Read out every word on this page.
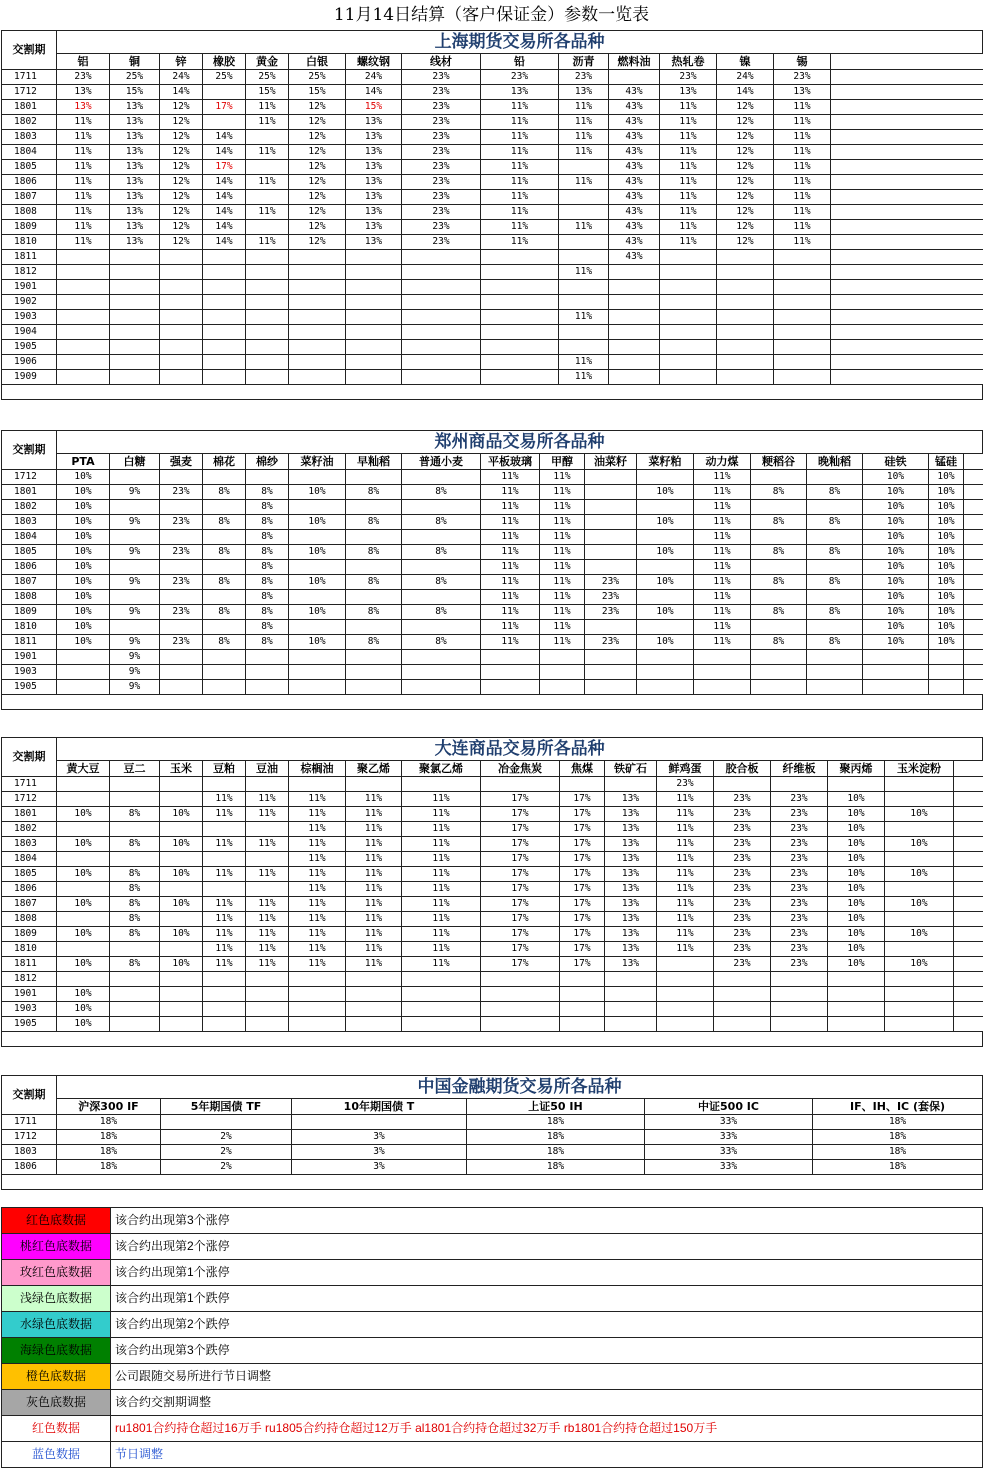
11月14日结算（客户保证金）参数一览表
交割期	上海期货交易所各品种														
	铝	铜	锌	橡胶	黄金	白银	螺纹钢	线材	铅	沥青	燃料油	热轧卷	镍	锡	
1711	23%	25%	24%	25%	25%	25%	24%	23%	23%	23%		23%	24%	23%	
1712	13%	15%	14%		15%	15%	14%	23%	13%	13%	43%	13%	14%	13%	
1801	13%	13%	12%	17%	11%	12%	15%	23%	11%	11%	43%	11%	12%	11%	
1802	11%	13%	12%		11%	12%	13%	23%	11%	11%	43%	11%	12%	11%	
1803	11%	13%	12%	14%		12%	13%	23%	11%	11%	43%	11%	12%	11%	
1804	11%	13%	12%	14%	11%	12%	13%	23%	11%	11%	43%	11%	12%	11%	
1805	11%	13%	12%	17%		12%	13%	23%	11%		43%	11%	12%	11%	
1806	11%	13%	12%	14%	11%	12%	13%	23%	11%	11%	43%	11%	12%	11%	
1807	11%	13%	12%	14%		12%	13%	23%	11%		43%	11%	12%	11%	
1808	11%	13%	12%	14%	11%	12%	13%	23%	11%		43%	11%	12%	11%	
1809	11%	13%	12%	14%		12%	13%	23%	11%	11%	43%	11%	12%	11%	
1810	11%	13%	12%	14%	11%	12%	13%	23%	11%		43%	11%	12%	11%	
1811											43%				
1812										11%					
1901															
1902															
1903										11%					
1904															
1905															
1906										11%					
1909										11%					

交割期	郑州商品交易所各品种																	
	PTA	白糖	强麦	棉花	棉纱	菜籽油	早籼稻	普通小麦	平板玻璃	甲醇	油菜籽	菜籽粕	动力煤	粳稻谷	晚籼稻	硅铁	锰硅	
1712	10%								11%	11%			11%			10%	10%	
1801	10%	9%	23%	8%	8%	10%	8%	8%	11%	11%		10%	11%	8%	8%	10%	10%	
1802	10%				8%				11%	11%			11%			10%	10%	
1803	10%	9%	23%	8%	8%	10%	8%	8%	11%	11%		10%	11%	8%	8%	10%	10%	
1804	10%				8%				11%	11%			11%			10%	10%	
1805	10%	9%	23%	8%	8%	10%	8%	8%	11%	11%		10%	11%	8%	8%	10%	10%	
1806	10%				8%				11%	11%			11%			10%	10%	
1807	10%	9%	23%	8%	8%	10%	8%	8%	11%	11%	23%	10%	11%	8%	8%	10%	10%	
1808	10%				8%				11%	11%	23%		11%			10%	10%	
1809	10%	9%	23%	8%	8%	10%	8%	8%	11%	11%	23%	10%	11%	8%	8%	10%	10%	
1810	10%				8%				11%	11%			11%			10%	10%	
1811	10%	9%	23%	8%	8%	10%	8%	8%	11%	11%	23%	10%	11%	8%	8%	10%	10%	
1901		9%																
1903		9%																
1905		9%																

交割期	大连商品交易所各品种																
	黄大豆	豆二	玉米	豆粕	豆油	棕榈油	聚乙烯	聚氯乙烯	冶金焦炭	焦煤	铁矿石	鲜鸡蛋	胶合板	纤维板	聚丙烯	玉米淀粉	
1711												23%					
1712				11%	11%	11%	11%	11%	17%	17%	13%	11%	23%	23%	10%		
1801	10%	8%	10%	11%	11%	11%	11%	11%	17%	17%	13%	11%	23%	23%	10%	10%	
1802						11%	11%	11%	17%	17%	13%	11%	23%	23%	10%		
1803	10%	8%	10%	11%	11%	11%	11%	11%	17%	17%	13%	11%	23%	23%	10%	10%	
1804						11%	11%	11%	17%	17%	13%	11%	23%	23%	10%		
1805	10%	8%	10%	11%	11%	11%	11%	11%	17%	17%	13%	11%	23%	23%	10%	10%	
1806		8%				11%	11%	11%	17%	17%	13%	11%	23%	23%	10%		
1807	10%	8%	10%	11%	11%	11%	11%	11%	17%	17%	13%	11%	23%	23%	10%	10%	
1808		8%		11%	11%	11%	11%	11%	17%	17%	13%	11%	23%	23%	10%		
1809	10%	8%	10%	11%	11%	11%	11%	11%	17%	17%	13%	11%	23%	23%	10%	10%	
1810				11%	11%	11%	11%	11%	17%	17%	13%	11%	23%	23%	10%		
1811	10%	8%	10%	11%	11%	11%	11%	11%	17%	17%	13%		23%	23%	10%	10%	
1812																	
1901	10%																
1903	10%																
1905	10%																

交割期	中国金融期货交易所各品种					
	沪深300 IF	5年期国债 TF	10年期国债 T	上证50 IH	中证500 IC	IF、IH、IC (套保)
1711	18%			18%	33%	18%
1712	18%	2%	3%	18%	33%	18%
1803	18%	2%	3%	18%	33%	18%
1806	18%	2%	3%	18%	33%	18%

红色底数据	该合约出现第3个涨停
桃红色底数据	该合约出现第2个涨停
玫红色底数据	该合约出现第1个涨停
浅绿色底数据	该合约出现第1个跌停
水绿色底数据	该合约出现第2个跌停
海绿色底数据	该合约出现第3个跌停
橙色底数据	公司跟随交易所进行节日调整
灰色底数据	该合约交割期调整
红色数据	ru1801合约持仓超过16万手 ru1805合约持仓超过12万手 al1801合约持仓超过32万手 rb1801合约持仓超过150万手
蓝色数据	节日调整
